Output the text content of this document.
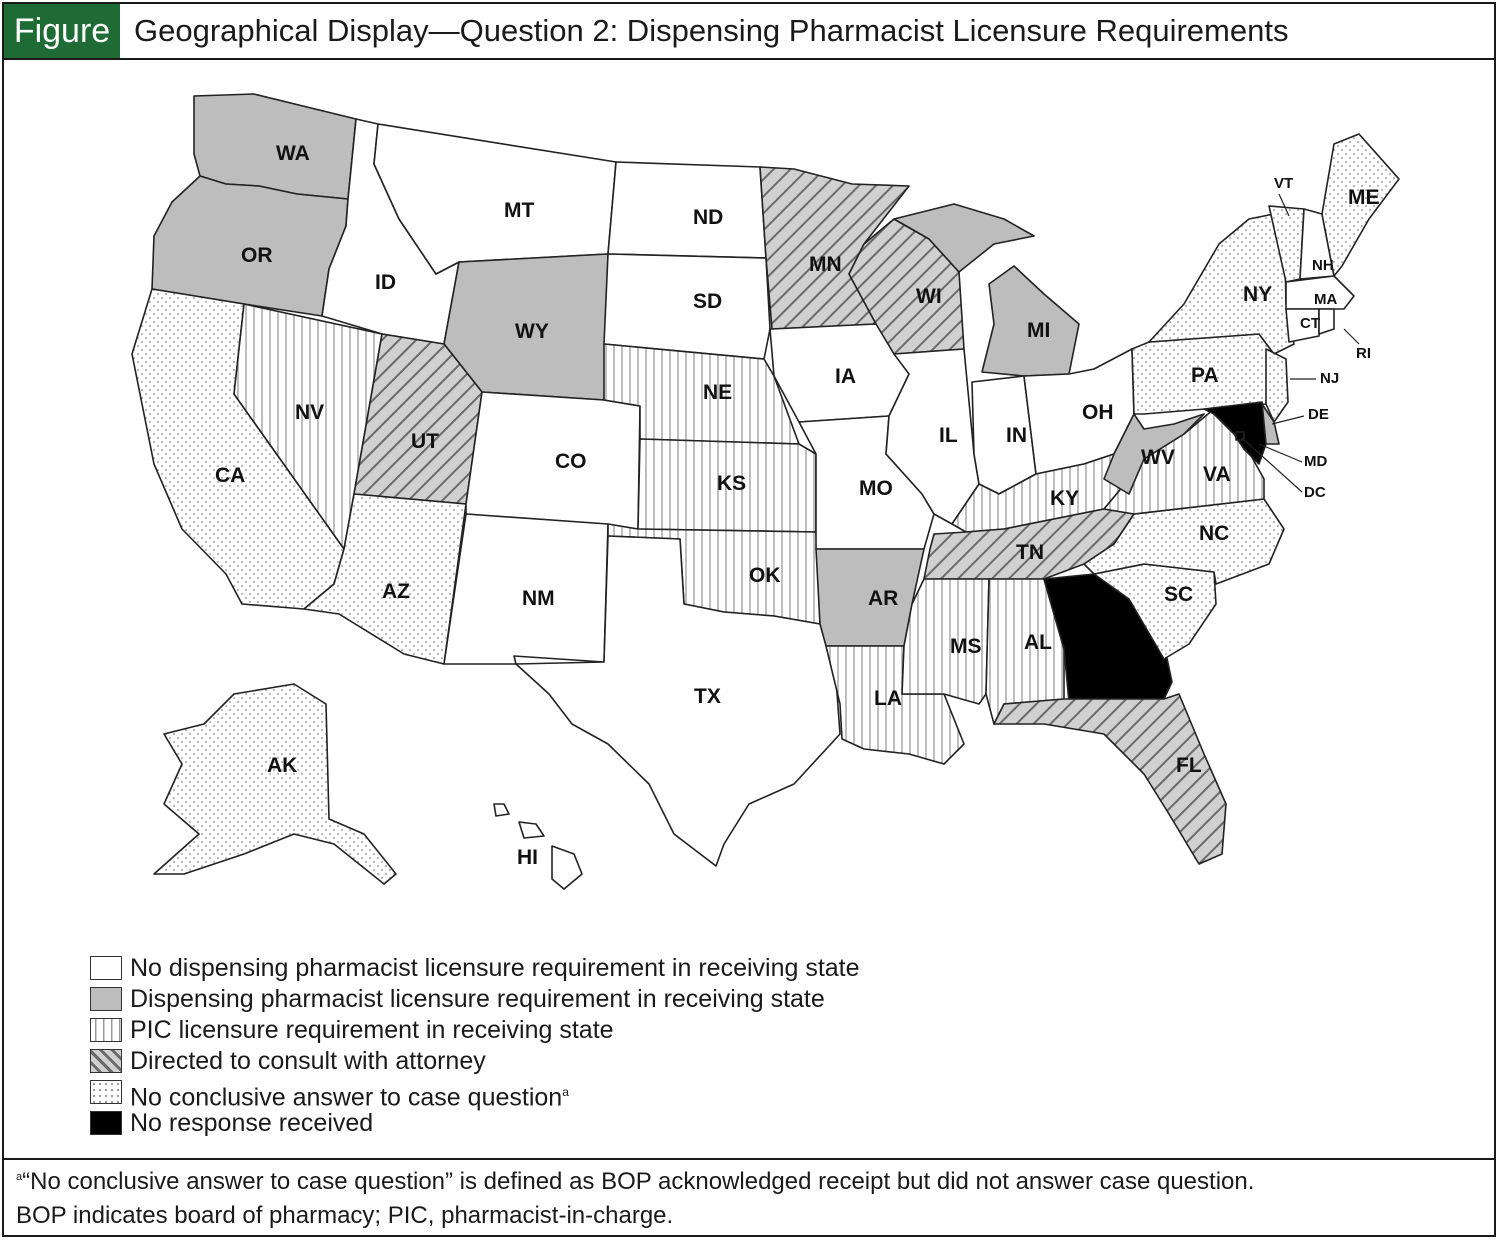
Figure 2
Geographical Display—Question 2: Dispensing Pharmacist Licensure Requirements
WA
OR
CA
NV
ID
MT
WY
UT
AZ
CO
NM
ND
SD
NE
KS
OK
TX
MN
IA
MO
AR
LA
WI
MI
IL IN
OH
KY
TN
MS AL
FL
SC
NC
VA
WV
PA
NY
ME
AK
HI
VT
NH
MA
CT
RI
NJ
DE
MD
DC
No dispensing pharmacist licensure requirement in receiving state
Dispensing pharmacist licensure requirement in receiving state
PIC licensure requirement in receiving state
Directed to consult with attorney
No conclusive answer to case question$^a$
No response received
$^a$“No conclusive answer to case question” is defined as BOP acknowledged receipt but did not answer case question.
BOP indicates board of pharmacy; PIC, pharmacist-in-charge.
